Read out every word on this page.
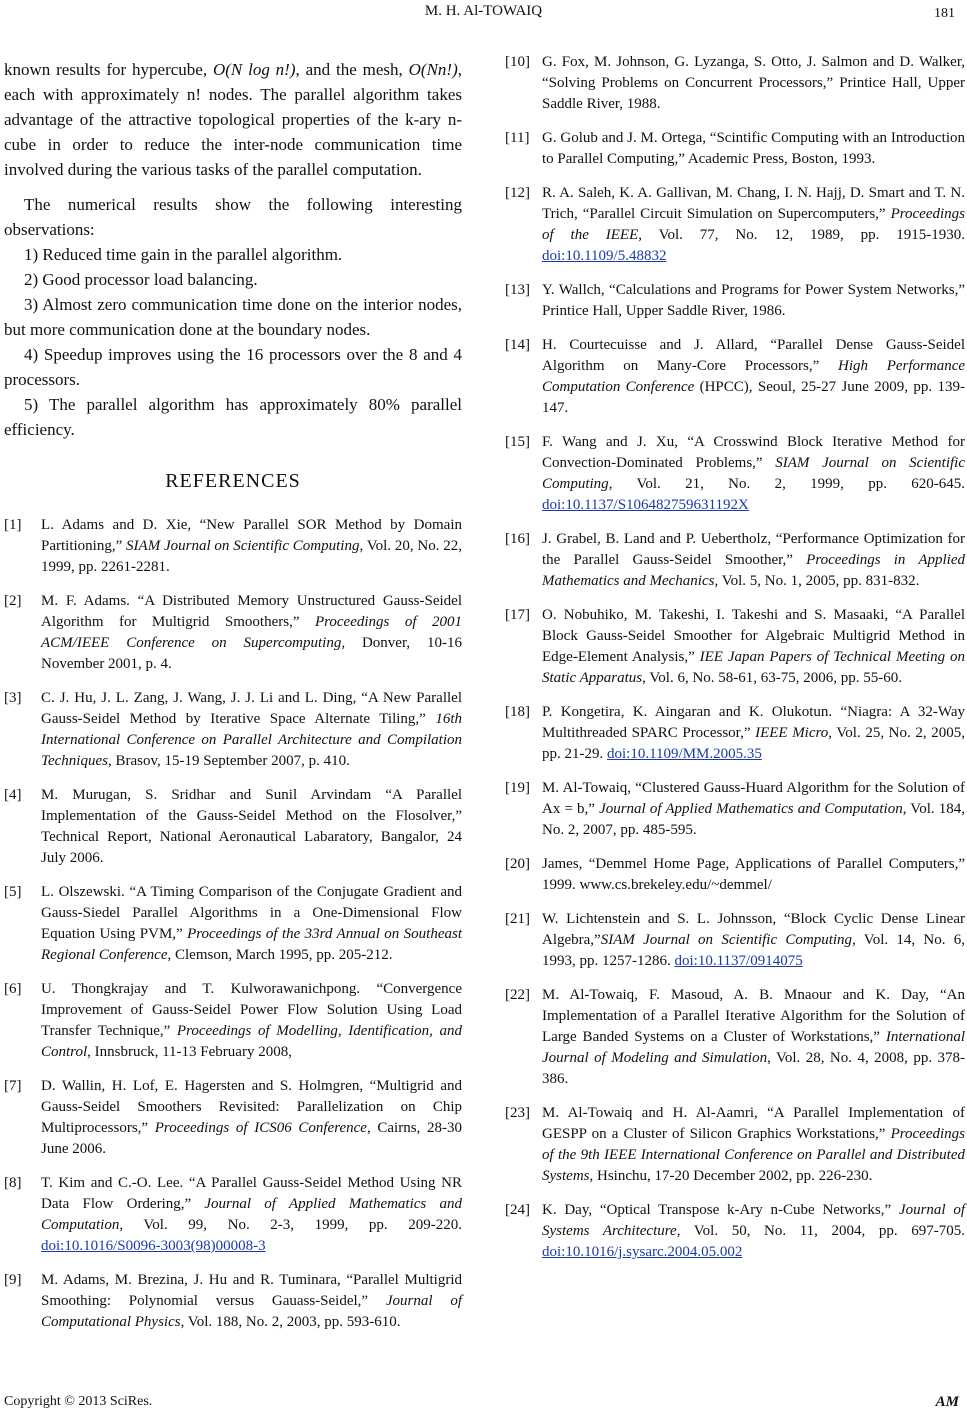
M. H. Al-TOWAIQ	181

known results for hypercube, O(N log n!), and the mesh, O(Nn!), each with approximately n! nodes. The parallel algorithm takes advantage of the attractive topological properties of the k-ary n-cube in order to reduce the inter-node communication time involved during the various tasks of the parallel computation.

The numerical results show the following interesting observations:

1) Reduced time gain in the parallel algorithm.

2) Good processor load balancing.

3) Almost zero communication time done on the interior nodes, but more communication done at the boundary nodes.

4) Speedup improves using the 16 processors over the 8 and 4 processors.

5) The parallel algorithm has approximately 80% parallel efficiency.

REFERENCES

[1] L. Adams and D. Xie, “New Parallel SOR Method by Domain Partitioning,” SIAM Journal on Scientific Computing, Vol. 20, No. 22, 1999, pp. 2261-2281.

[2] M. F. Adams. “A Distributed Memory Unstructured Gauss-Seidel Algorithm for Multigrid Smoothers,” Proceedings of 2001 ACM/IEEE Conference on Supercomputing, Donver, 10-16 November 2001, p. 4.

[3] C. J. Hu, J. L. Zang, J. Wang, J. J. Li and L. Ding, “A New Parallel Gauss-Seidel Method by Iterative Space Alternate Tiling,” 16th International Conference on Parallel Architecture and Compilation Techniques, Brasov, 15-19 September 2007, p. 410.

[4] M. Murugan, S. Sridhar and Sunil Arvindam “A Parallel Implementation of the Gauss-Seidel Method on the Flosolver,” Technical Report, National Aeronautical Labaratory, Bangalor, 24 July 2006.

[5] L. Olszewski. “A Timing Comparison of the Conjugate Gradient and Gauss-Siedel Parallel Algorithms in a One-Dimensional Flow Equation Using PVM,” Proceedings of the 33rd Annual on Southeast Regional Conference, Clemson, March 1995, pp. 205-212.

[6] U. Thongkrajay and T. Kulworawanichpong. “Convergence Improvement of Gauss-Seidel Power Flow Solution Using Load Transfer Technique,” Proceedings of Modelling, Identification, and Control, Innsbruck, 11-13 February 2008,

[7] D. Wallin, H. Lof, E. Hagersten and S. Holmgren, “Multigrid and Gauss-Seidel Smoothers Revisited: Parallelization on Chip Multiprocessors,” Proceedings of ICS06 Conference, Cairns, 28-30 June 2006.

[8] T. Kim and C.-O. Lee. “A Parallel Gauss-Seidel Method Using NR Data Flow Ordering,” Journal of Applied Mathematics and Computation, Vol. 99, No. 2-3, 1999, pp. 209-220. doi:10.1016/S0096-3003(98)00008-3

[9] M. Adams, M. Brezina, J. Hu and R. Tuminara, “Parallel Multigrid Smoothing: Polynomial versus Gauass-Seidel,” Journal of Computational Physics, Vol. 188, No. 2, 2003, pp. 593-610.

[10] G. Fox, M. Johnson, G. Lyzanga, S. Otto, J. Salmon and D. Walker, “Solving Problems on Concurrent Processors,” Printice Hall, Upper Saddle River, 1988.

[11] G. Golub and J. M. Ortega, “Scintific Computing with an Introduction to Parallel Computing,” Academic Press, Boston, 1993.

[12] R. A. Saleh, K. A. Gallivan, M. Chang, I. N. Hajj, D. Smart and T. N. Trich, “Parallel Circuit Simulation on Supercomputers,” Proceedings of the IEEE, Vol. 77, No. 12, 1989, pp. 1915-1930. doi:10.1109/5.48832

[13] Y. Wallch, “Calculations and Programs for Power System Networks,” Printice Hall, Upper Saddle River, 1986.

[14] H. Courtecuisse and J. Allard, “Parallel Dense Gauss-Seidel Algorithm on Many-Core Processors,” High Performance Computation Conference (HPCC), Seoul, 25-27 June 2009, pp. 139-147.

[15] F. Wang and J. Xu, “A Crosswind Block Iterative Method for Convection-Dominated Problems,” SIAM Journal on Scientific Computing, Vol. 21, No. 2, 1999, pp. 620-645. doi:10.1137/S106482759631192X

[16] J. Grabel, B. Land and P. Uebertholz, “Performance Optimization for the Parallel Gauss-Seidel Smoother,” Proceedings in Applied Mathematics and Mechanics, Vol. 5, No. 1, 2005, pp. 831-832.

[17] O. Nobuhiko, M. Takeshi, I. Takeshi and S. Masaaki, “A Parallel Block Gauss-Seidel Smoother for Algebraic Multigrid Method in Edge-Element Analysis,” IEE Japan Papers of Technical Meeting on Static Apparatus, Vol. 6, No. 58-61, 63-75, 2006, pp. 55-60.

[18] P. Kongetira, K. Aingaran and K. Olukotun. “Niagra: A 32-Way Multithreaded SPARC Processor,” IEEE Micro, Vol. 25, No. 2, 2005, pp. 21-29. doi:10.1109/MM.2005.35

[19] M. Al-Towaiq, “Clustered Gauss-Huard Algorithm for the Solution of Ax = b,” Journal of Applied Mathematics and Computation, Vol. 184, No. 2, 2007, pp. 485-595.

[20] James, “Demmel Home Page, Applications of Parallel Computers,” 1999. www.cs.brekeley.edu/~demmel/

[21] W. Lichtenstein and S. L. Johnsson, “Block Cyclic Dense Linear Algebra,”SIAM Journal on Scientific Computing, Vol. 14, No. 6, 1993, pp. 1257-1286. doi:10.1137/0914075

[22] M. Al-Towaiq, F. Masoud, A. B. Mnaour and K. Day, “An Implementation of a Parallel Iterative Algorithm for the Solution of Large Banded Systems on a Cluster of Workstations,” International Journal of Modeling and Simulation, Vol. 28, No. 4, 2008, pp. 378-386.

[23] M. Al-Towaiq and H. Al-Aamri, “A Parallel Implementation of GESPP on a Cluster of Silicon Graphics Workstations,” Proceedings of the 9th IEEE International Conference on Parallel and Distributed Systems, Hsinchu, 17-20 December 2002, pp. 226-230.

[24] K. Day, “Optical Transpose k-Ary n-Cube Networks,” Journal of Systems Architecture, Vol. 50, No. 11, 2004, pp. 697-705. doi:10.1016/j.sysarc.2004.05.002

Copyright © 2013 SciRes.	AM
